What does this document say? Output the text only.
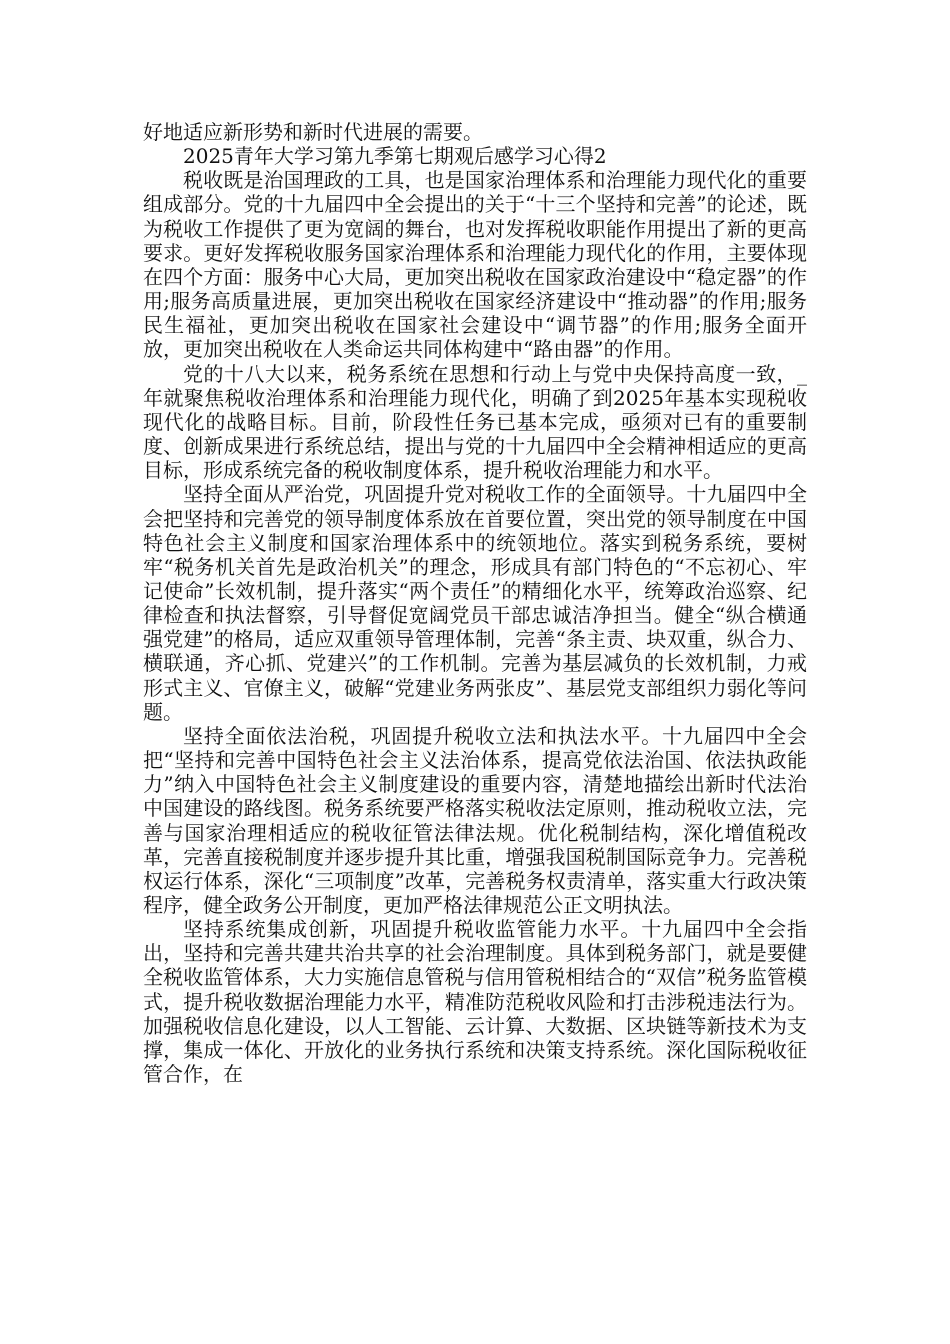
好地适应新形势和新时代进展的需要。

2025青年大学习第九季第七期观后感学习心得2

税收既是治国理政的工具，也是国家治理体系和治理能力现代化的重要组成部分。党的十九届四中全会提出的关于“十三个坚持和完善”的论述，既为税收工作提供了更为宽阔的舞台，也对发挥税收职能作用提出了新的更高要求。更好发挥税收服务国家治理体系和治理能力现代化的作用，主要体现在四个方面：服务中心大局，更加突出税收在国家政治建设中“稳定器”的作用;服务高质量进展，更加突出税收在国家经济建设中“推动器”的作用;服务民生福祉，更加突出税收在国家社会建设中“调节器”的作用;服务全面开放，更加突出税收在人类命运共同体构建中“路由器”的作用。

党的十八大以来，税务系统在思想和行动上与党中央保持高度一致，_年就聚焦税收治理体系和治理能力现代化，明确了到2025年基本实现税收现代化的战略目标。目前，阶段性任务已基本完成，亟须对已有的重要制度、创新成果进行系统总结，提出与党的十九届四中全会精神相适应的更高目标，形成系统完备的税收制度体系，提升税收治理能力和水平。

坚持全面从严治党，巩固提升党对税收工作的全面领导。十九届四中全会把坚持和完善党的领导制度体系放在首要位置，突出党的领导制度在中国特色社会主义制度和国家治理体系中的统领地位。落实到税务系统，要树牢“税务机关首先是政治机关”的理念，形成具有部门特色的“不忘初心、牢记使命”长效机制，提升落实“两个责任”的精细化水平，统筹政治巡察、纪律检查和执法督察，引导督促宽阔党员干部忠诚洁净担当。健全“纵合横通强党建”的格局，适应双重领导管理体制，完善“条主责、块双重，纵合力、横联通，齐心抓、党建兴”的工作机制。完善为基层减负的长效机制，力戒形式主义、官僚主义，破解“党建业务两张皮”、基层党支部组织力弱化等问题。

坚持全面依法治税，巩固提升税收立法和执法水平。十九届四中全会把“坚持和完善中国特色社会主义法治体系，提高党依法治国、依法执政能力”纳入中国特色社会主义制度建设的重要内容，清楚地描绘出新时代法治中国建设的路线图。税务系统要严格落实税收法定原则，推动税收立法，完善与国家治理相适应的税收征管法律法规。优化税制结构，深化增值税改革，完善直接税制度并逐步提升其比重，增强我国税制国际竞争力。完善税权运行体系，深化“三项制度”改革，完善税务权责清单，落实重大行政决策程序，健全政务公开制度，更加严格法律规范公正文明执法。

坚持系统集成创新，巩固提升税收监管能力水平。十九届四中全会指出，坚持和完善共建共治共享的社会治理制度。具体到税务部门，就是要健全税收监管体系，大力实施信息管税与信用管税相结合的“双信”税务监管模式，提升税收数据治理能力水平，精准防范税收风险和打击涉税违法行为。加强税收信息化建设，以人工智能、云计算、大数据、区块链等新技术为支撑，集成一体化、开放化的业务执行系统和决策支持系统。深化国际税收征管合作，在
